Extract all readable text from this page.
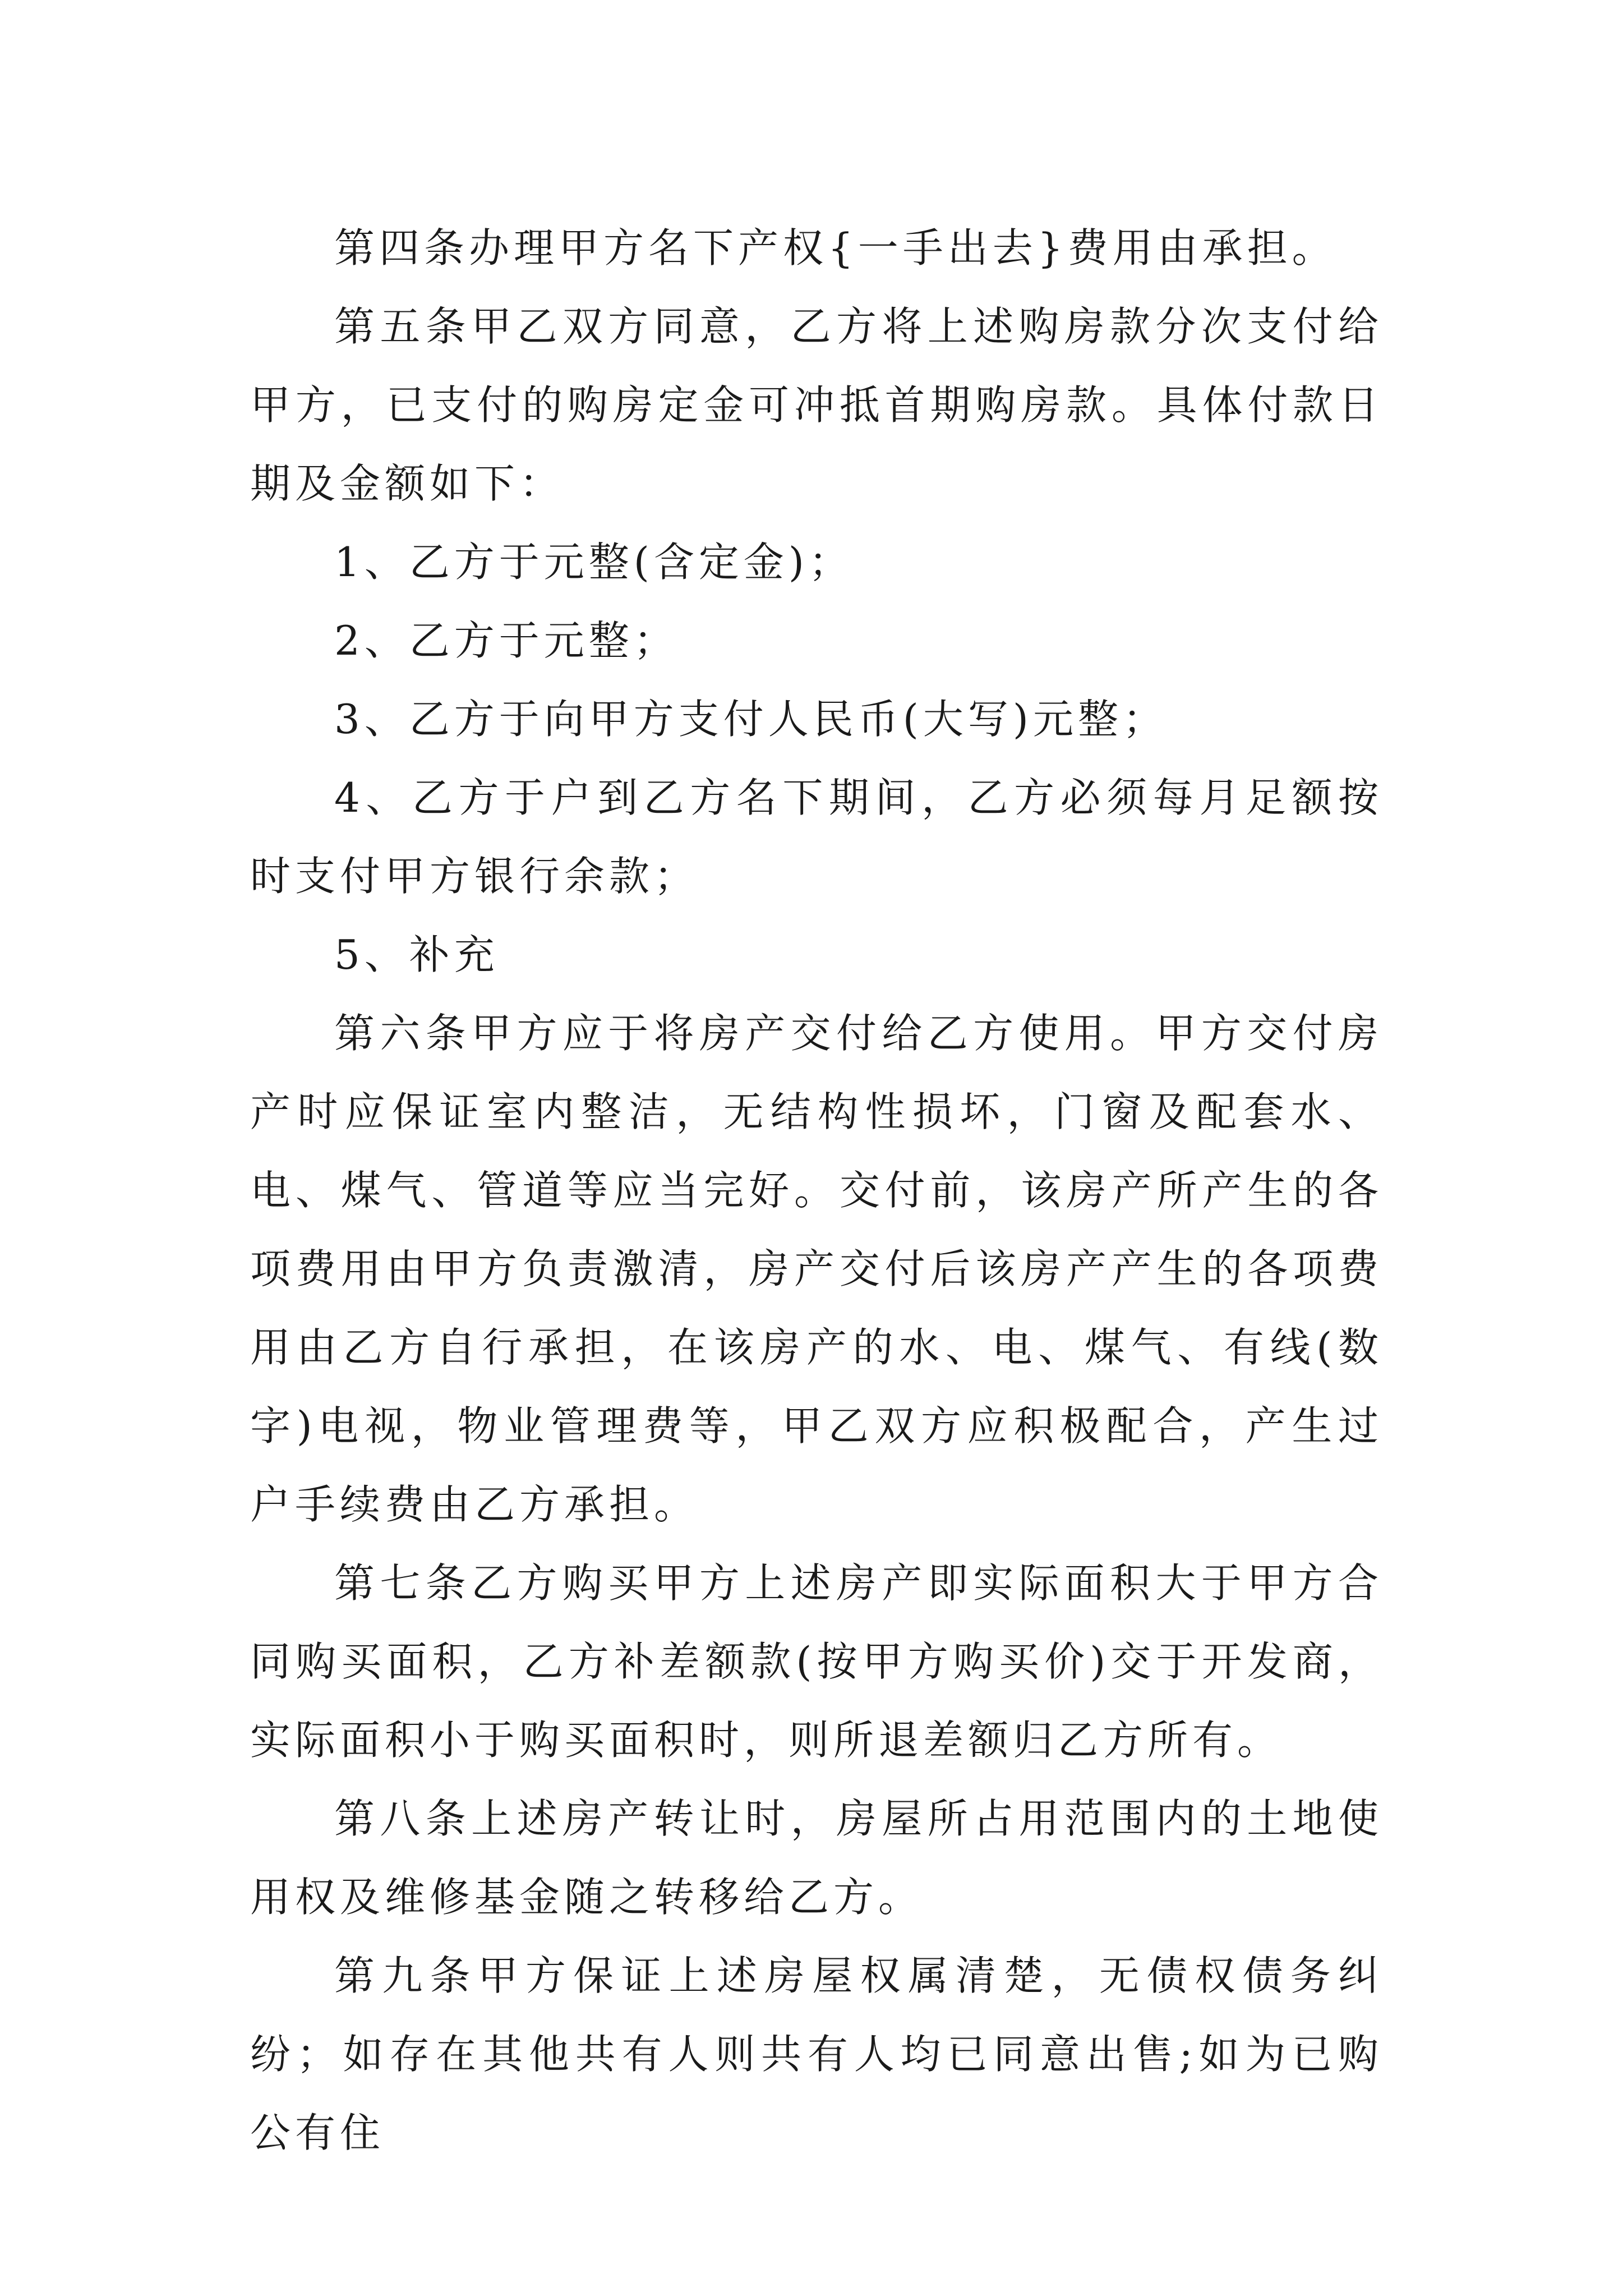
第四条办理甲方名下产权{一手出去}费用由承担。

第五条甲乙双方同意，乙方将上述购房款分次支付给甲方，已支付的购房定金可冲抵首期购房款。具体付款日期及金额如下：

1、乙方于元整(含定金)；

2、乙方于元整；

3、乙方于向甲方支付人民币(大写)元整；

4、乙方于户到乙方名下期间，乙方必须每月足额按时支付甲方银行余款；

5、补充

第六条甲方应于将房产交付给乙方使用。甲方交付房产时应保证室内整洁，无结构性损坏，门窗及配套水、电、煤气、管道等应当完好。交付前，该房产所产生的各项费用由甲方负责激清，房产交付后该房产产生的各项费用由乙方自行承担，在该房产的水、电、煤气、有线(数字)电视，物业管理费等，甲乙双方应积极配合，产生过户手续费由乙方承担。

第七条乙方购买甲方上述房产即实际面积大于甲方合同购买面积，乙方补差额款(按甲方购买价)交于开发商，实际面积小于购买面积时，则所退差额归乙方所有。

第八条上述房产转让时，房屋所占用范围内的土地使用权及维修基金随之转移给乙方。

第九条甲方保证上述房屋权属清楚，无债权债务纠纷；如存在其他共有人则共有人均已同意出售;如为已购公有住
